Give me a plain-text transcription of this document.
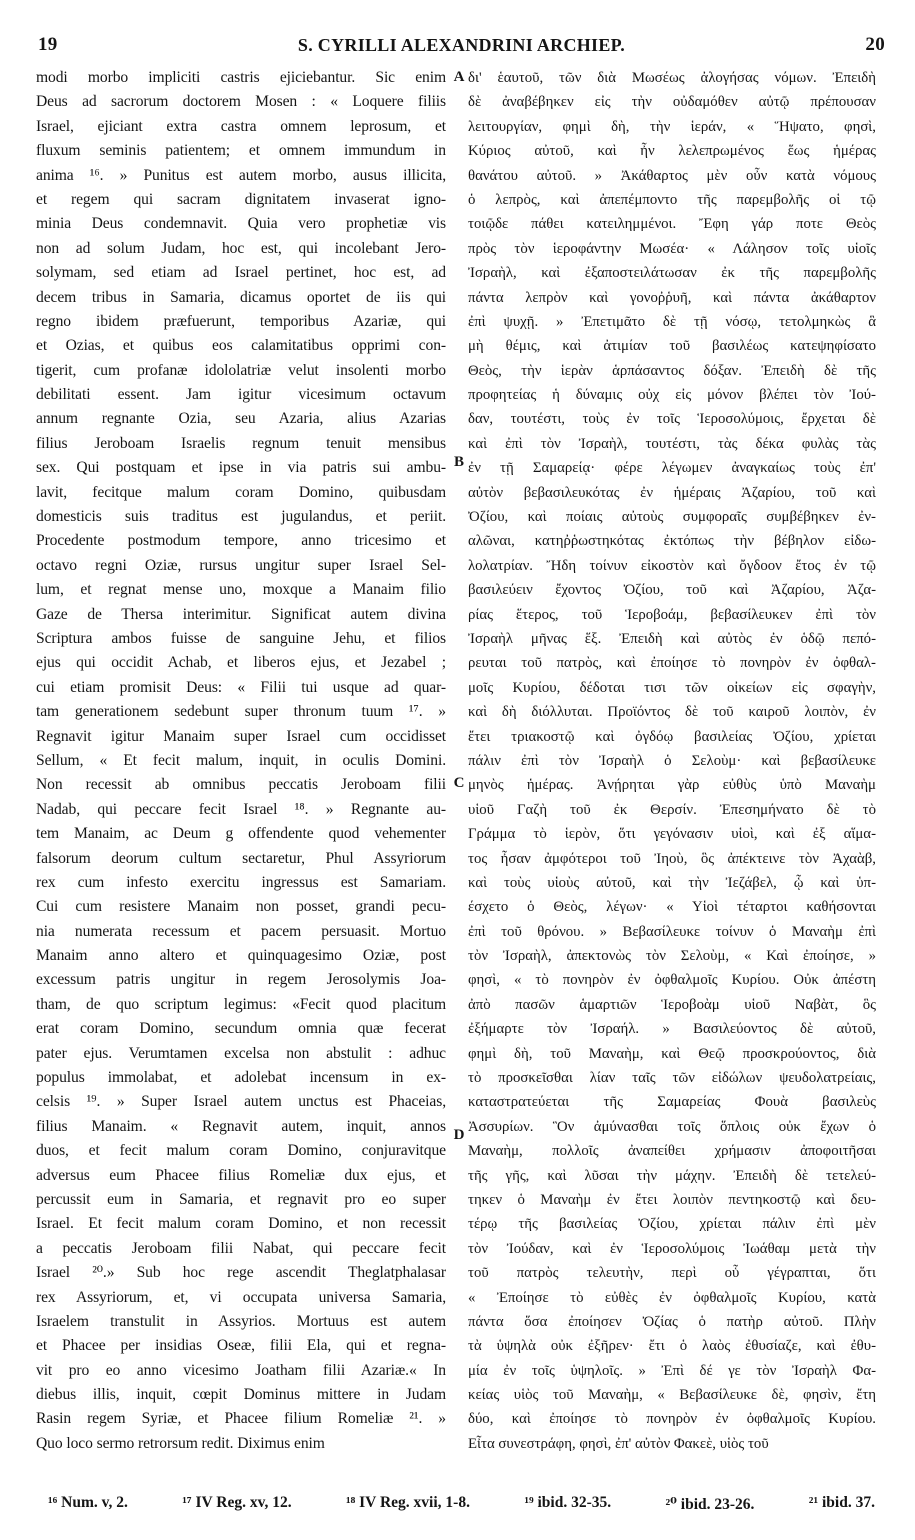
19	S. CYRILLI ALEXANDRINI ARCHIEP.	20
modi morbo impliciti castris ejiciebantur. Sic enim
Deus ad sacrorum doctorem Mosen : « Loquere filiis
Israel, ejiciant extra castra omnem leprosum, et
fluxum seminis patientem; et omnem immundum in
anima ¹⁶. » Punitus est autem morbo, ausus illicita,
et regem qui sacram dignitatem invaserat igno-
minia Deus condemnavit. Quia vero prophetiæ vis
non ad solum Judam, hoc est, qui incolebant Jero-
solymam, sed etiam ad Israel pertinet, hoc est, ad
decem tribus in Samaria, dicamus oportet de iis qui
regno ibidem præfuerunt, temporibus Azariæ, qui
et Ozias, et quibus eos calamitatibus opprimi con-
tigerit, cum profanæ idololatriæ velut insolenti morbo
debilitati essent. Jam igitur vicesimum octavum
annum regnante Ozia, seu Azaria, alius Azarias
filius Jeroboam Israelis regnum tenuit mensibus
sex. Qui postquam et ipse in via patris sui ambu-
lavit, fecitque malum coram Domino, quibusdam
domesticis suis traditus est jugulandus, et periit.
Procedente postmodum tempore, anno tricesimo et
octavo regni Oziæ, rursus ungitur super Israel Sel-
lum, et regnat mense uno, moxque a Manaim filio
Gaze de Thersa interimitur. Significat autem divina
Scriptura ambos fuisse de sanguine Jehu, et filios
ejus qui occidit Achab, et liberos ejus, et Jezabel ;
cui etiam promisit Deus: « Filii tui usque ad quar-
tam generationem sedebunt super thronum tuum ¹⁷. »
Regnavit igitur Manaim super Israel cum occidisset
Sellum, « Et fecit malum, inquit, in oculis Domini.
Non recessit ab omnibus peccatis Jeroboam filii
Nadab, qui peccare fecit Israel ¹⁸. » Regnante au-
tem Manaim, ac Deum g offendente quod vehementer
falsorum deorum cultum sectaretur, Phul Assyriorum
rex cum infesto exercitu ingressus est Samariam.
Cui cum resistere Manaim non posset, grandi pecu-
nia numerata recessum et pacem persuasit. Mortuo
Manaim anno altero et quinquagesimo Oziæ, post
excessum patris ungitur in regem Jerosolymis Joa-
tham, de quo scriptum legimus: «Fecit quod placitum
erat coram Domino, secundum omnia quæ fecerat
pater ejus. Verumtamen excelsa non abstulit : adhuc
populus immolabat, et adolebat incensum in ex-
celsis ¹⁹. » Super Israel autem unctus est Phaceias,
filius Manaim. « Regnavit autem, inquit, annos
duos, et fecit malum coram Domino, conjuravitque
adversus eum Phacee filius Romeliæ dux ejus, et
percussit eum in Samaria, et regnavit pro eo super
Israel. Et fecit malum coram Domino, et non recessit
a peccatis Jeroboam filii Nabat, qui peccare fecit
Israel ²⁰.» Sub hoc rege ascendit Theglatphalasar
rex Assyriorum, et, vi occupata universa Samaria,
Israelem transtulit in Assyrios. Mortuus est autem
et Phacee per insidias Oseæ, filii Ela, qui et regna-
vit pro eo anno vicesimo Joatham filii Azariæ.« In
diebus illis, inquit, cœpit Dominus mittere in Judam
Rasin regem Syriæ, et Phacee filium Romeliæ ²¹. »
Quo loco sermo retrorsum redit. Diximus enim
A
B
C
D
δι' ἑαυτοῦ, τῶν διὰ Μωσέως ἀλογήσας νόμων. Ἐπειδὴ
δὲ ἀναβέβηκεν εἰς τὴν οὐδαμόθεν αὐτῷ πρέπουσαν
λειτουργίαν, φημὶ δὴ, τὴν ἱεράν, « Ἥψατο, φησὶ,
Κύριος αὐτοῦ, καὶ ἦν λελεπρωμένος ἕως ἡμέρας
θανάτου αὐτοῦ. » Ἀκάθαρτος μὲν οὖν κατὰ νόμους
ὁ λεπρὸς, καὶ ἀπεπέμποντο τῆς παρεμβολῆς οἱ τῷ
τοιῷδε πάθει κατειλημμένοι. Ἔφη γάρ ποτε Θεὸς
πρὸς τὸν ἱεροφάντην Μωσέα· « Λάλησον τοῖς υἱοῖς
Ἰσραὴλ, καὶ ἐξαποστειλάτωσαν ἐκ τῆς παρεμβολῆς
πάντα λεπρὸν καὶ γονοῤῥυῆ, καὶ πάντα ἀκάθαρτον
ἐπὶ ψυχῇ. » Ἐπετιμᾶτο δὲ τῇ νόσῳ, τετολμηκὼς ἃ
μὴ θέμις, καὶ ἀτιμίαν τοῦ βασιλέως κατεψηφίσατο
Θεὸς, τὴν ἱερὰν ἁρπάσαντος δόξαν. Ἐπειδὴ δὲ τῆς
προφητείας ἡ δύναμις οὐχ εἰς μόνον βλέπει τὸν Ἰού-
δαν, τουτέστι, τοὺς ἐν τοῖς Ἱεροσολύμοις, ἔρχεται δὲ
καὶ ἐπὶ τὸν Ἰσραὴλ, τουτέστι, τὰς δέκα φυλὰς τὰς
ἐν τῇ Σαμαρείᾳ· φέρε λέγωμεν ἀναγκαίως τοὺς ἐπ'
αὐτὸν βεβασιλευκότας ἐν ἡμέραις Ἀζαρίου, τοῦ καὶ
Ὀζίου, καὶ ποίαις αὐτοὺς συμφοραῖς συμβέβηκεν ἐν-
αλῶναι, κατηῤῥωστηκότας ἐκτόπως τὴν βέβηλον εἰδω-
λολατρίαν. Ἤδη τοίνυν εἰκοστὸν καὶ ὄγδοον ἔτος ἐν τῷ
βασιλεύειν ἔχοντος Ὀζίου, τοῦ καὶ Ἀζαρίου, Ἀζα-
ρίας ἕτερος, τοῦ Ἱεροβοάμ, βεβασίλευκεν ἐπὶ τὸν
Ἰσραὴλ μῆνας ἕξ. Ἐπειδὴ καὶ αὐτὸς ἐν ὁδῷ πεπό-
ρευται τοῦ πατρὸς, καὶ ἐποίησε τὸ πονηρὸν ἐν ὀφθαλ-
μοῖς Κυρίου, δέδοται τισι τῶν οἰκείων εἰς σφαγὴν,
καὶ δὴ διόλλυται. Προϊόντος δὲ τοῦ καιροῦ λοιπὸν, ἐν
ἔτει τριακοστῷ καὶ ὀγδόῳ βασιλείας Ὀζίου, χρίεται
πάλιν ἐπὶ τὸν Ἰσραὴλ ὁ Σελοὺμ· καὶ βεβασίλευκε
μηνὸς ἡμέρας. Ἀνῄρηται γὰρ εὐθὺς ὑπὸ Μαναὴμ
υἱοῦ Γαζὴ τοῦ ἐκ Θερσίν. Ἐπεσημήνατο δὲ τὸ
Γράμμα τὸ ἱερὸν, ὅτι γεγόνασιν υἱοὶ, καὶ ἐξ αἵμα-
τος ἦσαν ἀμφότεροι τοῦ Ἰηοὺ, ὃς ἀπέκτεινε τὸν Ἀχαὰβ,
καὶ τοὺς υἱοὺς αὐτοῦ, καὶ τὴν Ἰεζάβελ, ᾧ καὶ ὑπ-
έσχετο ὁ Θεὸς, λέγων· « Υἱοὶ τέταρτοι καθήσονται
ἐπὶ τοῦ θρόνου. » Βεβασίλευκε τοίνυν ὁ Μαναὴμ ἐπὶ
τὸν Ἰσραὴλ, ἀπεκτονὼς τὸν Σελοὺμ, « Καὶ ἐποίησε, »
φησὶ, « τὸ πονηρὸν ἐν ὀφθαλμοῖς Κυρίου. Οὐκ ἀπέστη
ἀπὸ πασῶν ἁμαρτιῶν Ἱεροβοὰμ υἱοῦ Ναβὰτ, ὃς
ἐξήμαρτε τὸν Ἰσραήλ. » Βασιλεύοντος δὲ αὐτοῦ,
φημὶ δὴ, τοῦ Μαναὴμ, καὶ Θεῷ προσκρούοντος, διὰ
τὸ προσκεῖσθαι λίαν ταῖς τῶν εἰδώλων ψευδολατρείαις,
καταστρατεύεται τῆς Σαμαρείας Φουὰ βασιλεὺς
Ἀσσυρίων. Ὃν ἀμύνασθαι τοῖς ὅπλοις οὐκ ἔχων ὁ
Μαναὴμ, πολλοῖς ἀναπείθει χρήμασιν ἀποφοιτῆσαι
τῆς γῆς, καὶ λῦσαι τὴν μάχην. Ἐπειδὴ δὲ τετελεύ-
τηκεν ὁ Μαναὴμ ἐν ἔτει λοιπὸν πεντηκοστῷ καὶ δευ-
τέρῳ τῆς βασιλείας Ὀζίου, χρίεται πάλιν ἐπὶ μὲν
τὸν Ἰούδαν, καὶ ἐν Ἱεροσολύμοις Ἰωάθαμ μετὰ τὴν
τοῦ πατρὸς τελευτὴν, περὶ οὗ γέγραπται, ὅτι
« Ἐποίησε τὸ εὐθὲς ἐν ὀφθαλμοῖς Κυρίου, κατὰ
πάντα ὅσα ἐποίησεν Ὀζίας ὁ πατὴρ αὐτοῦ. Πλὴν
τὰ ὑψηλὰ οὐκ ἐξῆρεν· ἔτι ὁ λαὸς ἐθυσίαζε, καὶ ἐθυ-
μία ἐν τοῖς ὑψηλοῖς. » Ἐπὶ δέ γε τὸν Ἰσραὴλ Φα-
κείας υἱὸς τοῦ Μαναὴμ, « Βεβασίλευκε δὲ, φησὶν, ἔτη
δύο, καὶ ἐποίησε τὸ πονηρὸν ἐν ὀφθαλμοῖς Κυρίου.
Εἶτα συνεστράφη, φησὶ, ἐπ' αὐτὸν Φακεὲ, υἱὸς τοῦ
¹⁶ Num. v, 2.	¹⁷ IV Reg. xv, 12.	¹⁸ IV Reg. xvii, 1-8.	¹⁹ ibid. 32-35.	²⁰ ibid. 23-26.	²¹ ibid. 37.
